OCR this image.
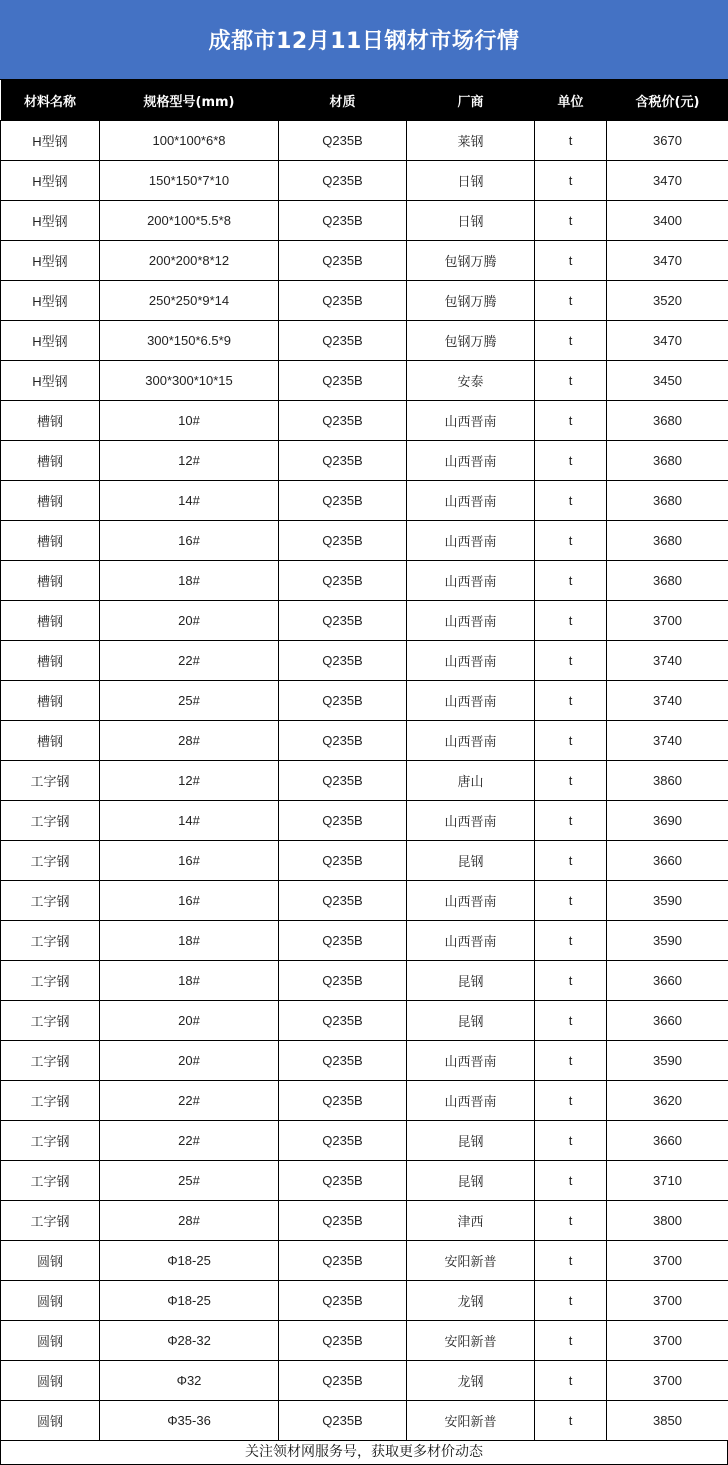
成都市12月11日钢材市场行情
材料名称	规格型号(mm)	材质	厂商	单位	含税价(元)
H型钢	100*100*6*8	Q235B	莱钢	t	3670
H型钢	150*150*7*10	Q235B	日钢	t	3470
H型钢	200*100*5.5*8	Q235B	日钢	t	3400
H型钢	200*200*8*12	Q235B	包钢万腾	t	3470
H型钢	250*250*9*14	Q235B	包钢万腾	t	3520
H型钢	300*150*6.5*9	Q235B	包钢万腾	t	3470
H型钢	300*300*10*15	Q235B	安泰	t	3450
槽钢	10#	Q235B	山西晋南	t	3680
槽钢	12#	Q235B	山西晋南	t	3680
槽钢	14#	Q235B	山西晋南	t	3680
槽钢	16#	Q235B	山西晋南	t	3680
槽钢	18#	Q235B	山西晋南	t	3680
槽钢	20#	Q235B	山西晋南	t	3700
槽钢	22#	Q235B	山西晋南	t	3740
槽钢	25#	Q235B	山西晋南	t	3740
槽钢	28#	Q235B	山西晋南	t	3740
工字钢	12#	Q235B	唐山	t	3860
工字钢	14#	Q235B	山西晋南	t	3690
工字钢	16#	Q235B	昆钢	t	3660
工字钢	16#	Q235B	山西晋南	t	3590
工字钢	18#	Q235B	山西晋南	t	3590
工字钢	18#	Q235B	昆钢	t	3660
工字钢	20#	Q235B	昆钢	t	3660
工字钢	20#	Q235B	山西晋南	t	3590
工字钢	22#	Q235B	山西晋南	t	3620
工字钢	22#	Q235B	昆钢	t	3660
工字钢	25#	Q235B	昆钢	t	3710
工字钢	28#	Q235B	津西	t	3800
圆钢	Φ18-25	Q235B	安阳新普	t	3700
圆钢	Φ18-25	Q235B	龙钢	t	3700
圆钢	Φ28-32	Q235B	安阳新普	t	3700
圆钢	Φ32	Q235B	龙钢	t	3700
圆钢	Φ35-36	Q235B	安阳新普	t	3850
关注领材网服务号，获取更多材价动态
